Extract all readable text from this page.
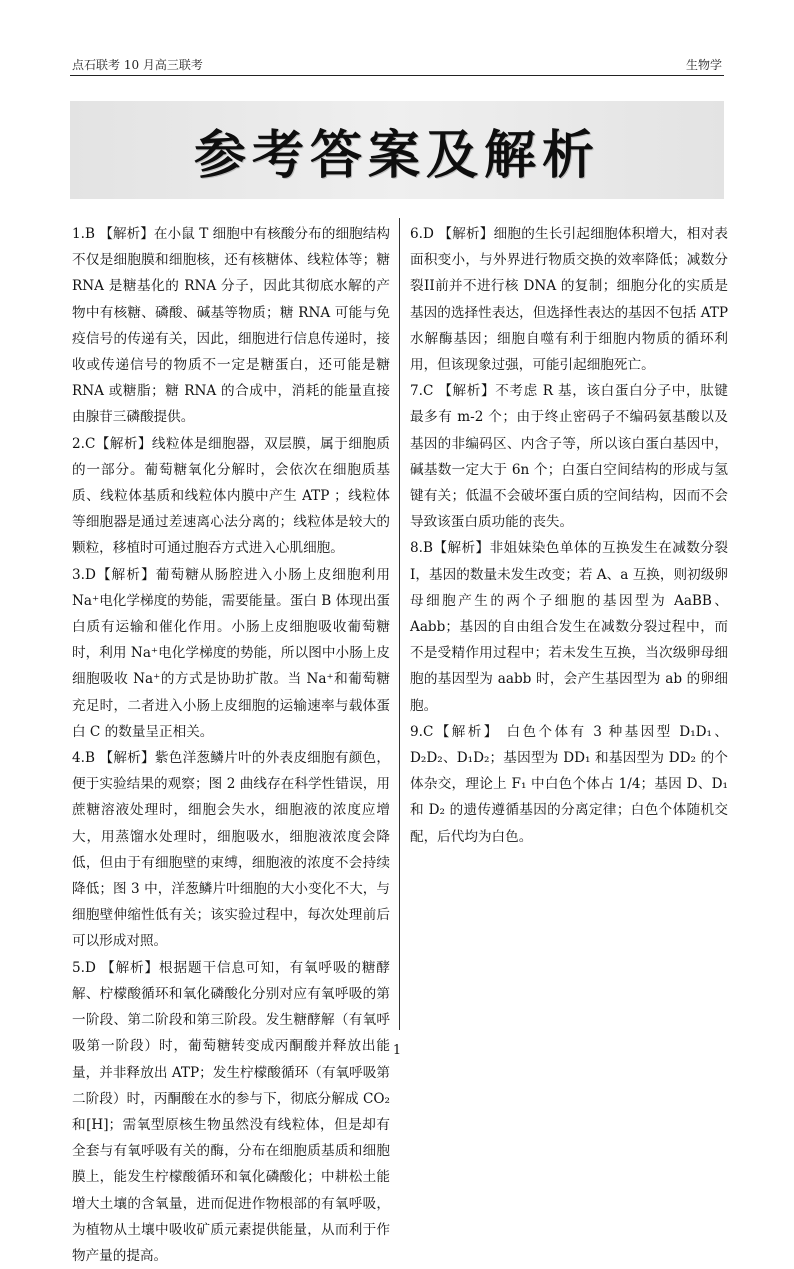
点石联考 10 月高三联考	生物学
参考答案及解析

1.B 【解析】在小鼠 T 细胞中有核酸分布的细胞结构不仅是细胞膜和细胞核，还有核糖体、线粒体等；糖 RNA 是糖基化的 RNA 分子，因此其彻底水解的产物中有核糖、磷酸、碱基等物质；糖 RNA 可能与免疫信号的传递有关，因此，细胞进行信息传递时，接收或传递信号的物质不一定是糖蛋白，还可能是糖 RNA 或糖脂；糖 RNA 的合成中，消耗的能量直接由腺苷三磷酸提供。

2.C【解析】线粒体是细胞器，双层膜，属于细胞质的一部分。葡萄糖氧化分解时，会依次在细胞质基质、线粒体基质和线粒体内膜中产生 ATP ；线粒体等细胞器是通过差速离心法分离的；线粒体是较大的颗粒，移植时可通过胞吞方式进入心肌细胞。

3.D【解析】葡萄糖从肠腔进入小肠上皮细胞利用Na⁺电化学梯度的势能，需要能量。蛋白 B 体现出蛋白质有运输和催化作用。小肠上皮细胞吸收葡萄糖时，利用 Na⁺电化学梯度的势能，所以图中小肠上皮细胞吸收 Na⁺的方式是协助扩散。当 Na⁺和葡萄糖充足时，二者进入小肠上皮细胞的运输速率与载体蛋白 C 的数量呈正相关。

4.B 【解析】紫色洋葱鳞片叶的外表皮细胞有颜色，便于实验结果的观察；图 2 曲线存在科学性错误，用蔗糖溶液处理时，细胞会失水，细胞液的浓度应增大，用蒸馏水处理时，细胞吸水，细胞液浓度会降低，但由于有细胞壁的束缚，细胞液的浓度不会持续降低；图 3 中，洋葱鳞片叶细胞的大小变化不大，与细胞壁伸缩性低有关；该实验过程中，每次处理前后可以形成对照。

5.D 【解析】根据题干信息可知，有氧呼吸的糖酵解、柠檬酸循环和氧化磷酸化分别对应有氧呼吸的第一阶段、第二阶段和第三阶段。发生糖酵解（有氧呼吸第一阶段）时，葡萄糖转变成丙酮酸并释放出能量，并非释放出 ATP；发生柠檬酸循环（有氧呼吸第二阶段）时，丙酮酸在水的参与下，彻底分解成 CO₂ 和[H]；需氧型原核生物虽然没有线粒体，但是却有全套与有氧呼吸有关的酶，分布在细胞质基质和细胞膜上，能发生柠檬酸循环和氧化磷酸化；中耕松土能增大土壤的含氧量，进而促进作物根部的有氧呼吸，为植物从土壤中吸收矿质元素提供能量，从而利于作物产量的提高。

6.D 【解析】细胞的生长引起细胞体积增大，相对表面积变小，与外界进行物质交换的效率降低；减数分裂II前并不进行核 DNA 的复制；细胞分化的实质是基因的选择性表达，但选择性表达的基因不包括 ATP 水解酶基因；细胞自噬有利于细胞内物质的循环利用，但该现象过强，可能引起细胞死亡。

7.C 【解析】不考虑 R 基，该白蛋白分子中，肽键最多有 m-2 个；由于终止密码子不编码氨基酸以及基因的非编码区、内含子等，所以该白蛋白基因中，碱基数一定大于 6n 个；白蛋白空间结构的形成与氢键有关；低温不会破坏蛋白质的空间结构，因而不会导致该蛋白质功能的丧失。

8.B【解析】非姐妹染色单体的互换发生在减数分裂 I，基因的数量未发生改变；若 A、a 互换，则初级卵母细胞产生的两个子细胞的基因型为 AaBB、Aabb；基因的自由组合发生在减数分裂过程中，而不是受精作用过程中；若未发生互换，当次级卵母细胞的基因型为 aabb 时，会产生基因型为 ab 的卵细胞。

9.C【解析】 白色个体有 3 种基因型 D₁D₁、D₂D₂、D₁D₂；基因型为 DD₁ 和基因型为 DD₂ 的个体杂交，理论上 F₁ 中白色个体占 1/4；基因 D、D₁ 和 D₂ 的遗传遵循基因的分离定律；白色个体随机交配，后代均为白色。

1
